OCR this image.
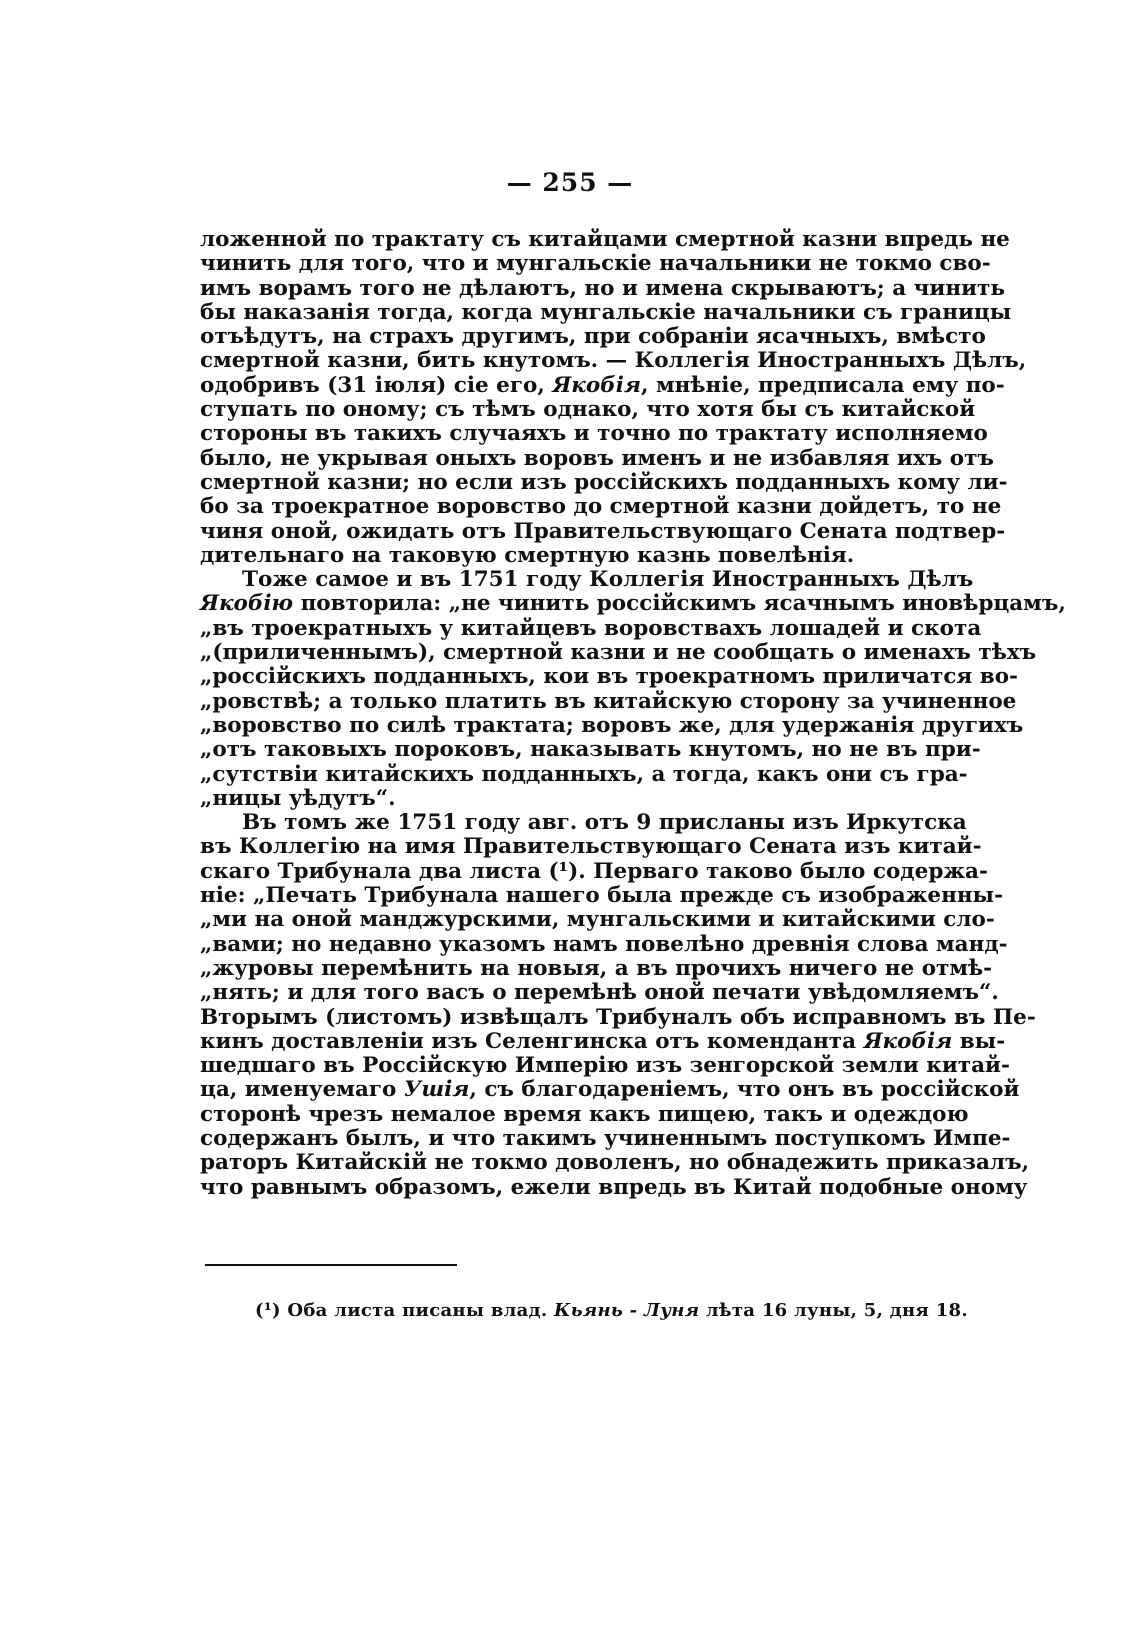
— 255 —
ложенной по трактату съ китайцами смертной казни впредь не
чинить для того, что и мунгальскіе начальники не токмо сво-
имъ ворамъ того не дѣлаютъ, но и имена скрываютъ; а чинить
бы наказанія тогда, когда мунгальскіе начальники съ границы
отъѣдутъ, на страхъ другимъ, при собраніи ясачныхъ, вмѣсто
смертной казни, бить кнутомъ. — Коллегія Иностранныхъ Дѣлъ,
одобривъ (31 іюля) сіе его, Якобія, мнѣніе, предписала ему по-
ступать по оному; съ тѣмъ однако, что хотя бы съ китайской
стороны въ такихъ случаяхъ и точно по трактату исполняемо
было, не укрывая оныхъ воровъ именъ и не избавляя ихъ отъ
смертной казни; но если изъ россійскихъ подданныхъ кому ли-
бо за троекратное воровство до смертной казни дойдетъ, то не
чиня оной, ожидать отъ Правительствующаго Сената подтвер-
дительнаго на таковую смертную казнь повелѣнія.
Тоже самое и въ 1751 году Коллегія Иностранныхъ Дѣлъ
Якобію повторила: „не чинить россійскимъ ясачнымъ иновѣрцамъ,
„въ троекратныхъ у китайцевъ воровствахъ лошадей и скота
„(приличеннымъ), смертной казни и не сообщать о именахъ тѣхъ
„россійскихъ подданныхъ, кои въ троекратномъ приличатся во-
„ровствѣ; а только платить въ китайскую сторону за учиненное
„воровство по силѣ трактата; воровъ же, для удержанія другихъ
„отъ таковыхъ пороковъ, наказывать кнутомъ, но не въ при-
„сутствіи китайскихъ подданныхъ, а тогда, какъ они съ гра-
„ницы уѣдутъ“.
Въ томъ же 1751 году авг. отъ 9 присланы изъ Иркутска
въ Коллегію на имя Правительствующаго Сената изъ китай-
скаго Трибунала два листа (¹). Перваго таково было содержа-
ніе: „Печать Трибунала нашего была прежде съ изображенны-
„ми на оной манджурскими, мунгальскими и китайскими сло-
„вами; но недавно указомъ намъ повелѣно древнія слова манд-
„журовы перемѣнить на новыя, а въ прочихъ ничего не отмѣ-
„нять; и для того васъ о перемѣнѣ оной печати увѣдомляемъ“.
Вторымъ (листомъ) извѣщалъ Трибуналъ объ исправномъ въ Пе-
кинъ доставленіи изъ Селенгинска отъ коменданта Якобія вы-
шедшаго въ Россійскую Имперію изъ зенгорской земли китай-
ца, именуемаго Ушія, съ благодареніемъ, что онъ въ россійской
сторонѣ чрезъ немалое время какъ пищею, такъ и одеждою
содержанъ былъ, и что такимъ учиненнымъ поступкомъ Импе-
раторъ Китайскій не токмо доволенъ, но обнадежить приказалъ,
что равнымъ образомъ, ежели впредь въ Китай подобные оному
(¹) Оба листа писаны влад. Кьянь - Луня лѣта 16 луны, 5, дня 18.
